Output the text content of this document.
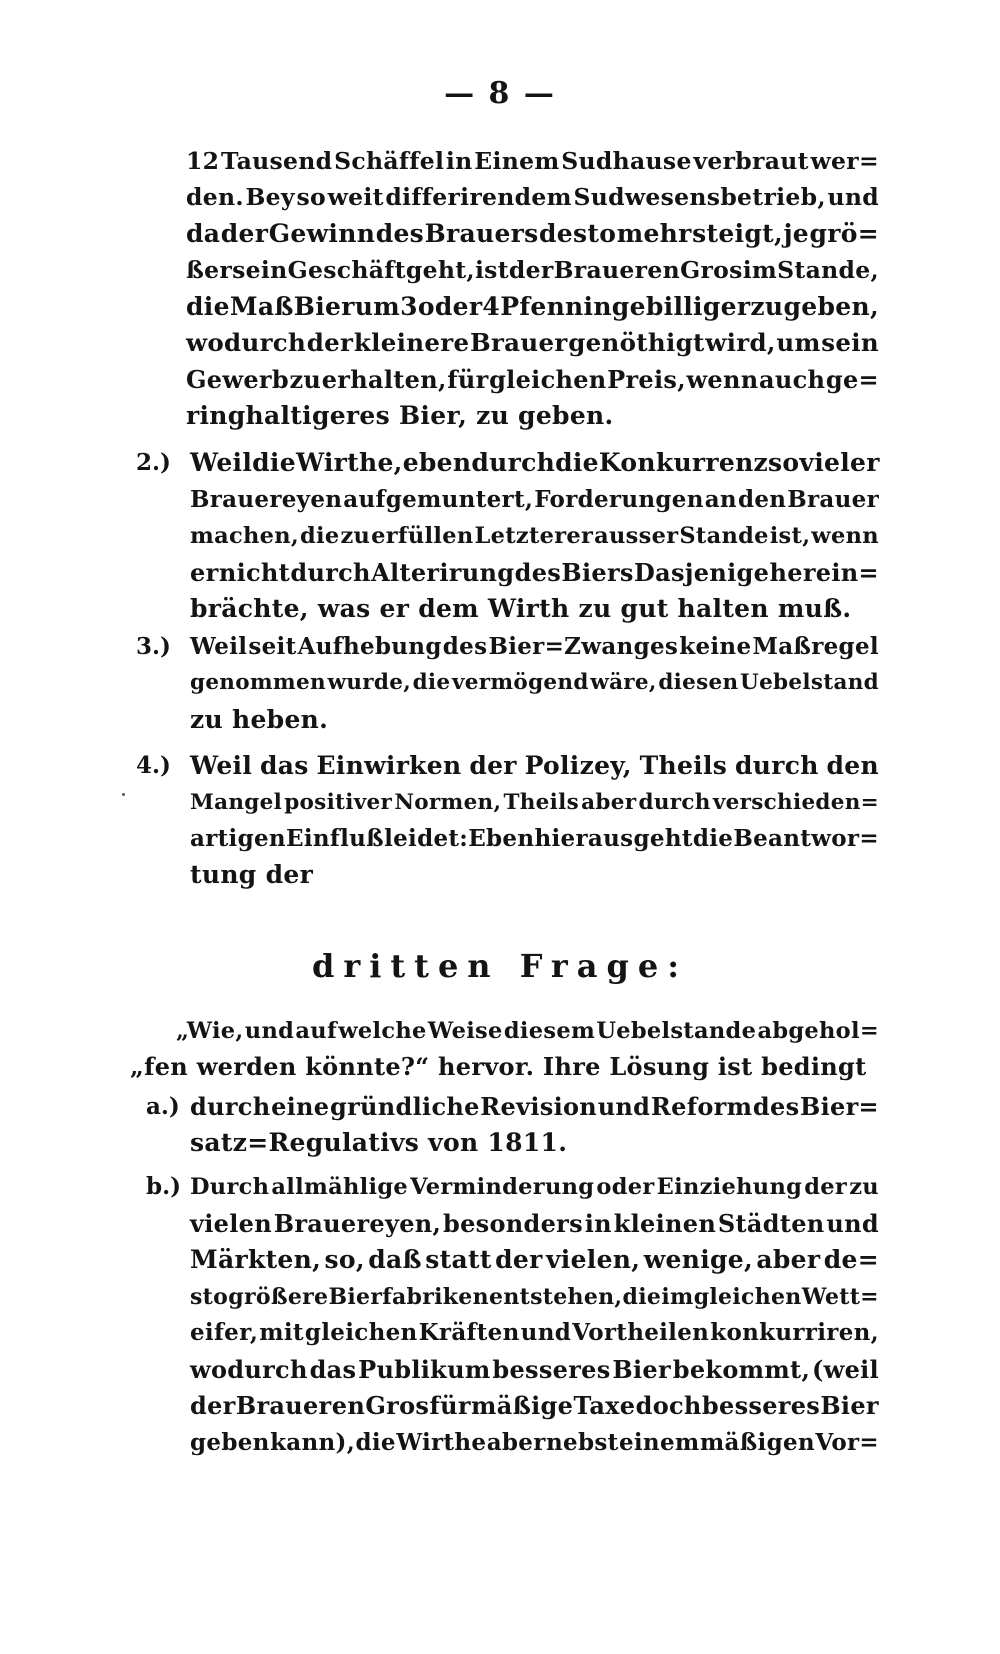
— 8 —
12 Tausend Schäffel in Einem Sudhause verbraut wer=
den. Bey so weit differirendem Sudwesensbetrieb, und
da der Gewinn des Brauers desto mehr steigt, je grö=
ßer sein Geschäft geht, ist der Brauer en Gros im Stande,
die Maß Bier um 3 oder 4 Pfenninge billiger zu geben,
wodurch der kleinere Brauer genöthigt wird, um sein
Gewerb zu erhalten, für gleichen Preis, wenn auch ge=
ringhaltigeres Bier, zu geben.
2.) Weil die Wirthe, eben durch die Konkurrenz so vieler
Brauereyen aufgemuntert, Forderungen an den Brauer
machen, die zu erfüllen Letzterer ausser Stande ist, wenn
er nicht durch Alterirung des Biers Dasjenige herein=
brächte, was er dem Wirth zu gut halten muß.
3.) Weil seit Aufhebung des Bier=Zwanges keine Maßregel
genommen wurde, die vermögend wäre, diesen Uebelstand
zu heben.
4.) Weil das Einwirken der Polizey, Theils durch den
Mangel positiver Normen, Theils aber durch verschieden=
artigen Einfluß leidet: Eben hieraus geht die Beantwor=
tung der
dritten Frage:
„Wie, und auf welche Weise diesem Uebelstande abgehol=
„fen werden könnte?“ hervor. Ihre Lösung ist bedingt
a.) durch eine gründliche Revision und Reform des Bier=
satz=Regulativs von 1811.
b.) Durch allmählige Verminderung oder Einziehung der zu
vielen Brauereyen, besonders in kleinen Städten und
Märkten, so, daß statt der vielen, wenige, aber de=
sto größere Bierfabriken entstehen, die im gleichen Wett=
eifer, mit gleichen Kräften und Vortheilen konkurriren,
wodurch das Publikum besseres Bier bekommt, (weil
der Brauer en Gros für mäßige Taxe doch besseres Bier
geben kann), die Wirthe aber nebst einem mäßigen Vor=
